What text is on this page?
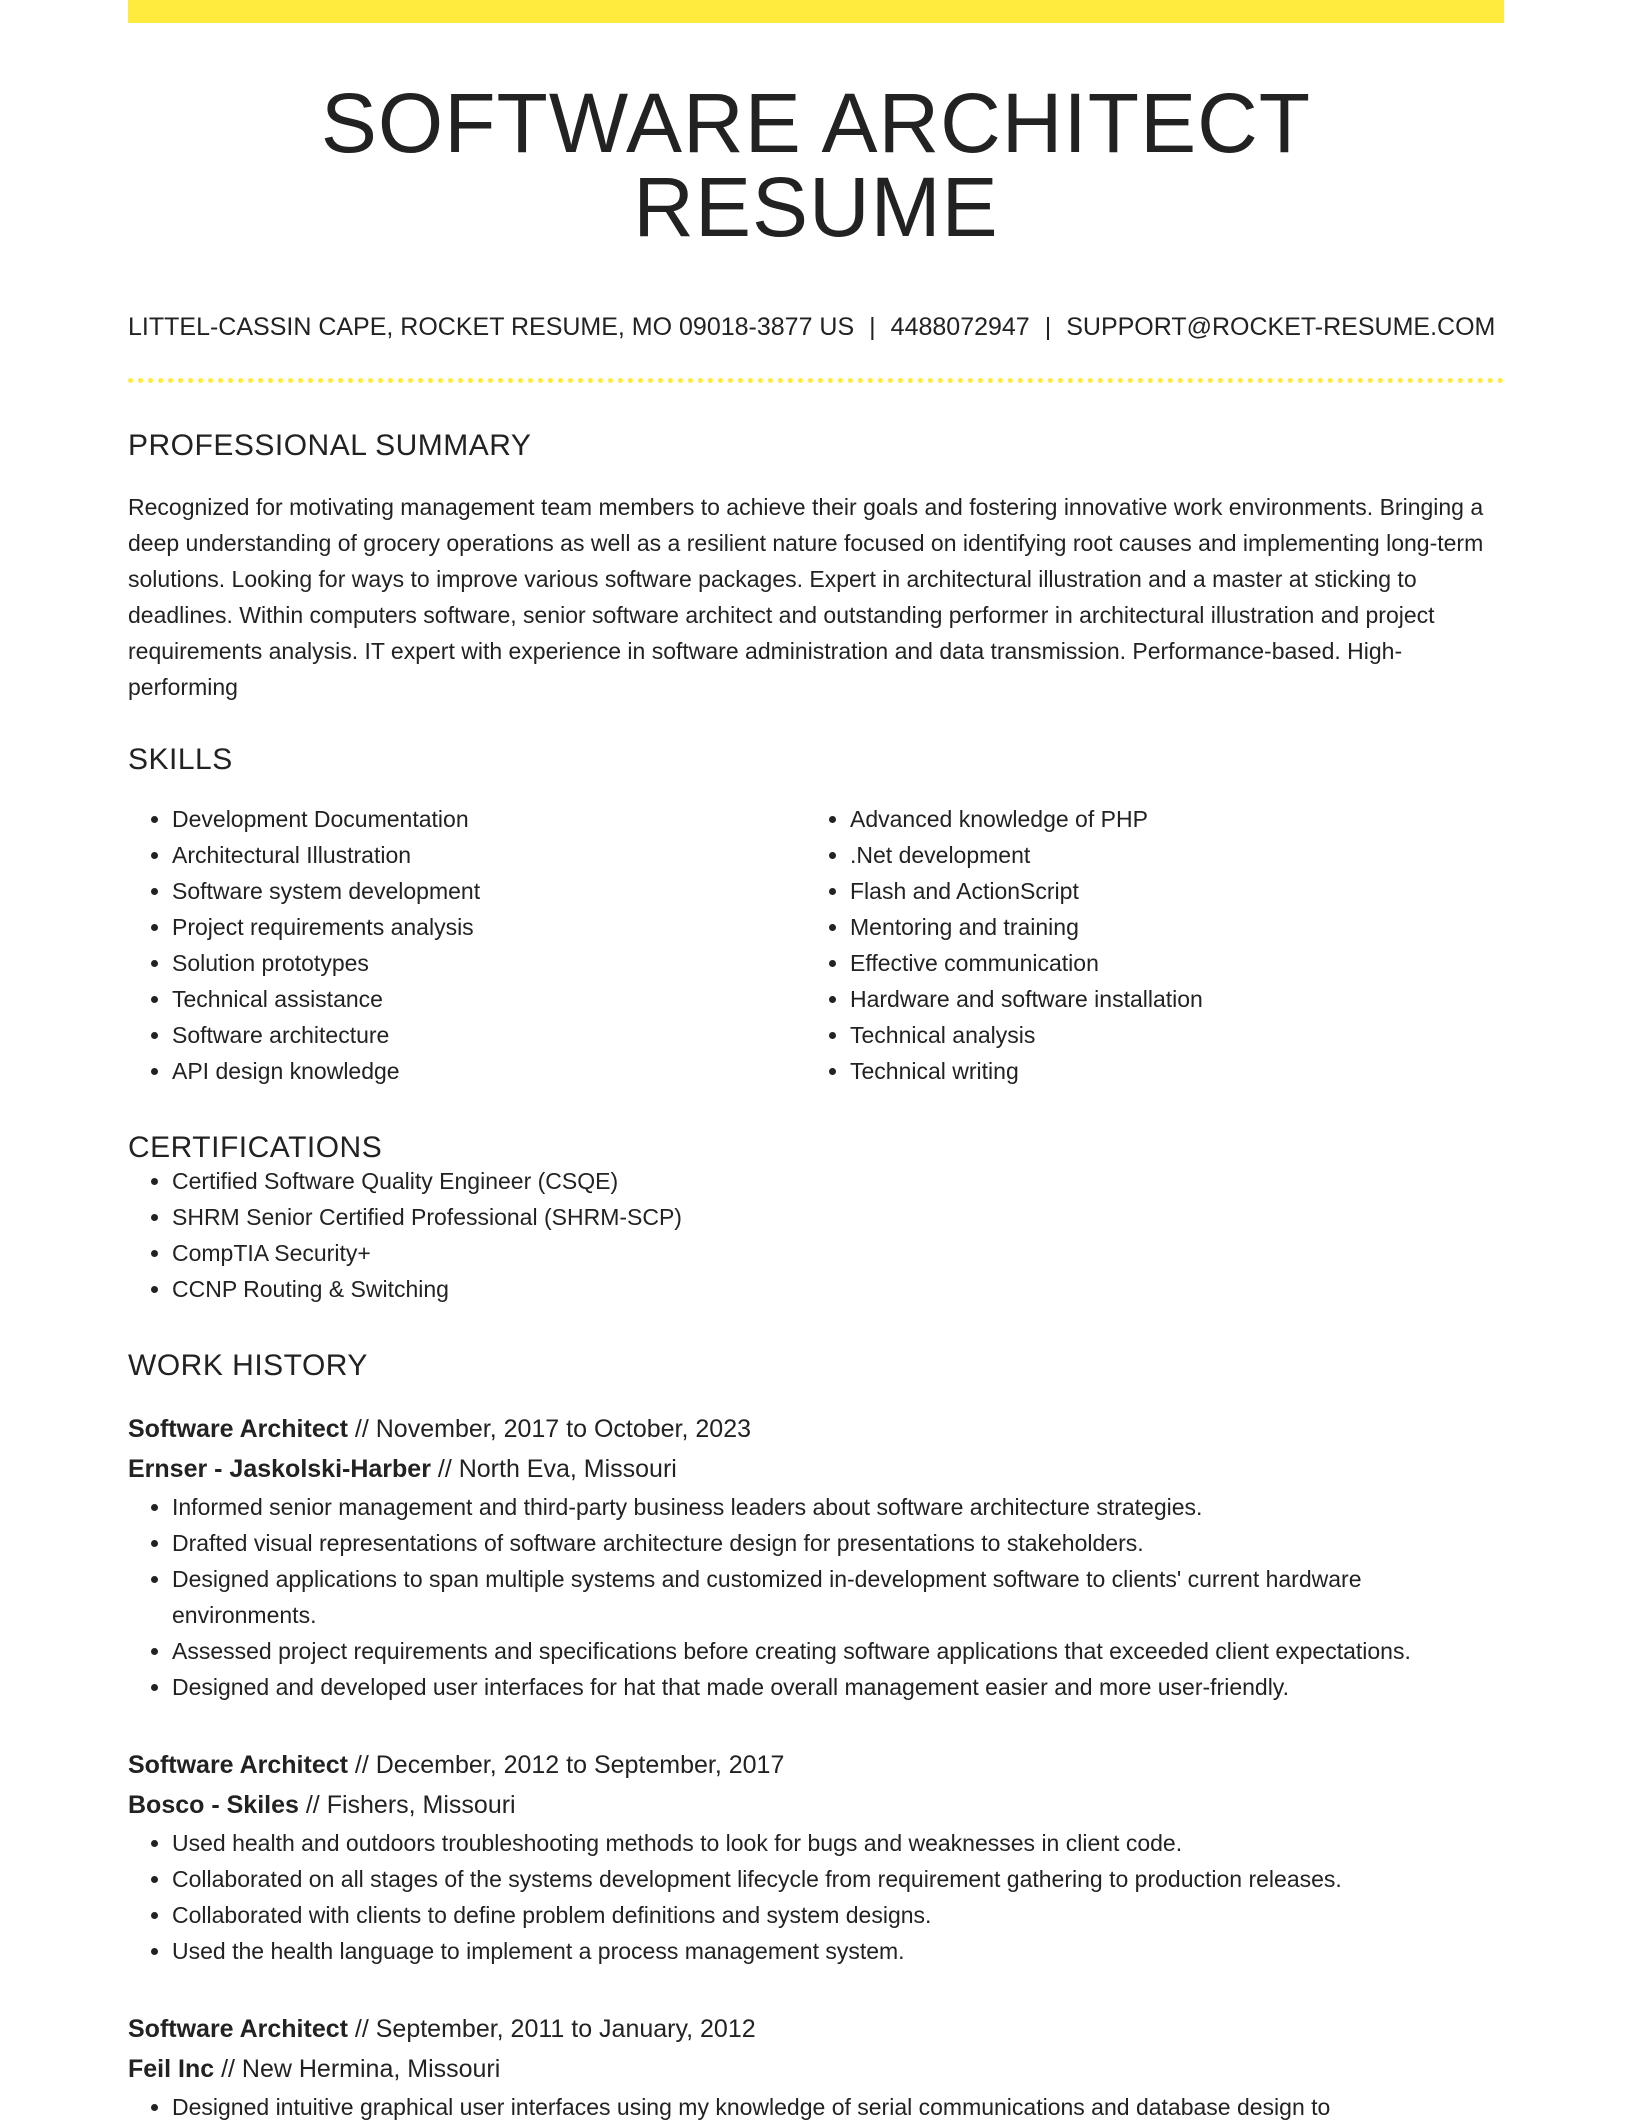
SOFTWARE ARCHITECT RESUME
LITTEL-CASSIN CAPE, ROCKET RESUME, MO 09018-3877 US | 4488072947 | SUPPORT@ROCKET-RESUME.COM
PROFESSIONAL SUMMARY

Recognized for motivating management team members to achieve their goals and fostering innovative work environments. Bringing a deep understanding of grocery operations as well as a resilient nature focused on identifying root causes and implementing long-term solutions. Looking for ways to improve various software packages. Expert in architectural illustration and a master at sticking to deadlines. Within computers software, senior software architect and outstanding performer in architectural illustration and project requirements analysis. IT expert with experience in software administration and data transmission. Performance-based. High-performing

SKILLS
• Development Documentation
• Architectural Illustration
• Software system development
• Project requirements analysis
• Solution prototypes
• Technical assistance
• Software architecture
• API design knowledge
• Advanced knowledge of PHP
• .Net development
• Flash and ActionScript
• Mentoring and training
• Effective communication
• Hardware and software installation
• Technical analysis
• Technical writing
CERTIFICATIONS
• Certified Software Quality Engineer (CSQE)
• SHRM Senior Certified Professional (SHRM-SCP)
• CompTIA Security+
• CCNP Routing & Switching
WORK HISTORY
Software Architect // November, 2017 to October, 2023
Ernser - Jaskolski-Harber // North Eva, Missouri
• Informed senior management and third-party business leaders about software architecture strategies.
• Drafted visual representations of software architecture design for presentations to stakeholders.
• Designed applications to span multiple systems and customized in-development software to clients' current hardware environments.
• Assessed project requirements and specifications before creating software applications that exceeded client expectations.
• Designed and developed user interfaces for hat that made overall management easier and more user-friendly.
Software Architect // December, 2012 to September, 2017
Bosco - Skiles // Fishers, Missouri
• Used health and outdoors troubleshooting methods to look for bugs and weaknesses in client code.
• Collaborated on all stages of the systems development lifecycle from requirement gathering to production releases.
• Collaborated with clients to define problem definitions and system designs.
• Used the health language to implement a process management system.
Software Architect // September, 2011 to January, 2012
Feil Inc // New Hermina, Missouri
• Designed intuitive graphical user interfaces using my knowledge of serial communications and database design to
